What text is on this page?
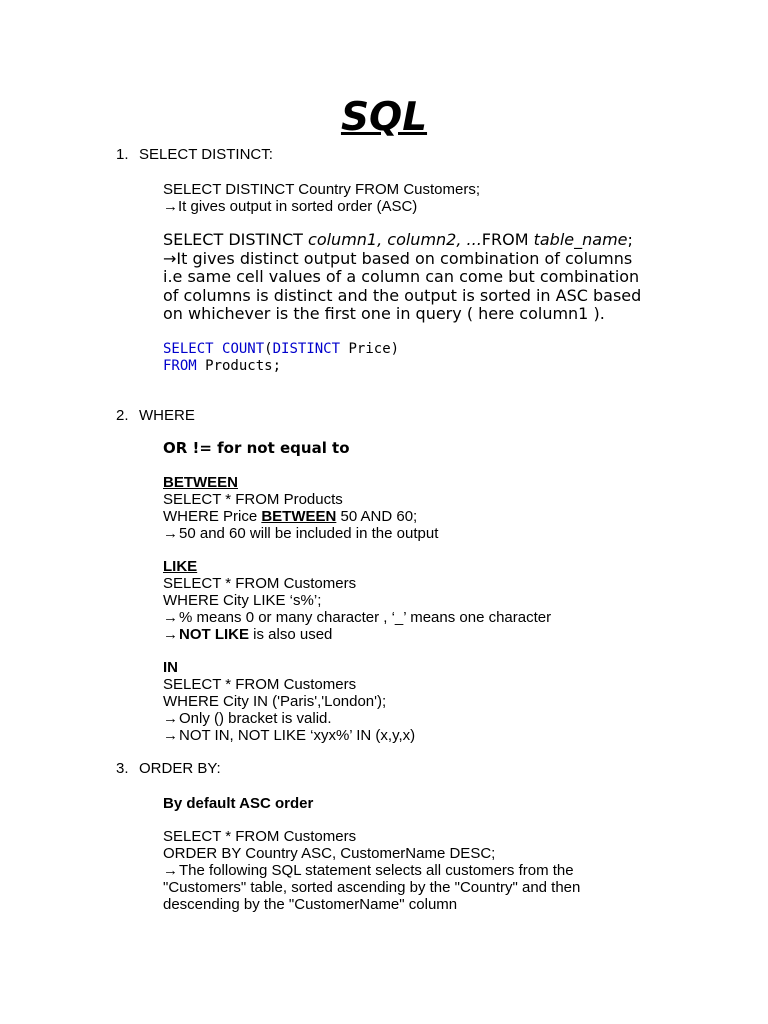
SQL
1. SELECT DISTINCT:
SELECT DISTINCT Country FROM Customers;
→It gives output in sorted order (ASC)
SELECT DISTINCT column1, column2, ...FROM table_name;
→It gives distinct output based on combination of columns
i.e same cell values of a column can come but combination
of columns is distinct and the output is sorted in ASC based
on whichever is the first one in query ( here column1 ).
SELECT COUNT(DISTINCT Price)
FROM Products;
2. WHERE
OR != for not equal to
BETWEEN
SELECT * FROM Products
WHERE Price BETWEEN 50 AND 60;
→50 and 60 will be included in the output
LIKE
SELECT * FROM Customers
WHERE City LIKE ‘s%’;
→% means 0 or many character , ‘_’ means one character
→NOT LIKE is also used
IN
SELECT * FROM Customers
WHERE City IN ('Paris','London');
→Only () bracket is valid.
→NOT IN, NOT LIKE ‘xyx%’ IN (x,y,x)
3. ORDER BY:
By default ASC order
SELECT * FROM Customers
ORDER BY Country ASC, CustomerName DESC;
→The following SQL statement selects all customers from the
"Customers" table, sorted ascending by the "Country" and then
descending by the "CustomerName" column
